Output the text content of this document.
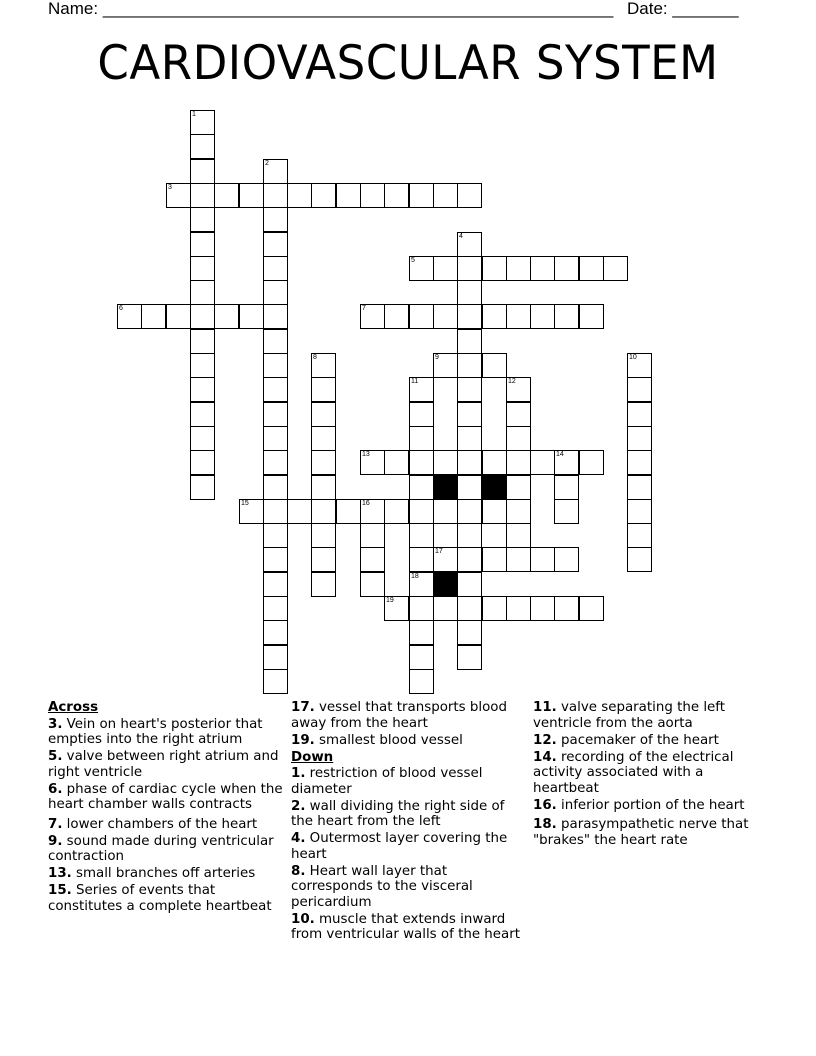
Name: ______________________________________________________ Date: _______
CARDIOVASCULAR SYSTEM
1
2
3
4
5
6	7
8	9	10
11
18
12
13	14
15	16
17
19
Across
3. Vein on heart's posterior that empties into the right atrium
5. valve between right atrium and right ventricle
6. phase of cardiac cycle when the heart chamber walls contracts
7. lower chambers of the heart
9. sound made during ventricular contraction
13. small branches off arteries
15. Series of events that constitutes a complete heartbeat
17. vessel that transports blood away from the heart
19. smallest blood vessel
Down
1. restriction of blood vessel diameter
2. wall dividing the right side of the heart from the left
4. Outermost layer covering the heart
8. Heart wall layer that corresponds to the visceral pericardium
10. muscle that extends inward from ventricular walls of the heart
11. valve separating the left ventricle from the aorta
12. pacemaker of the heart
14. recording of the electrical activity associated with a heartbeat
16. inferior portion of the heart
18. parasympathetic nerve that "brakes" the heart rate
